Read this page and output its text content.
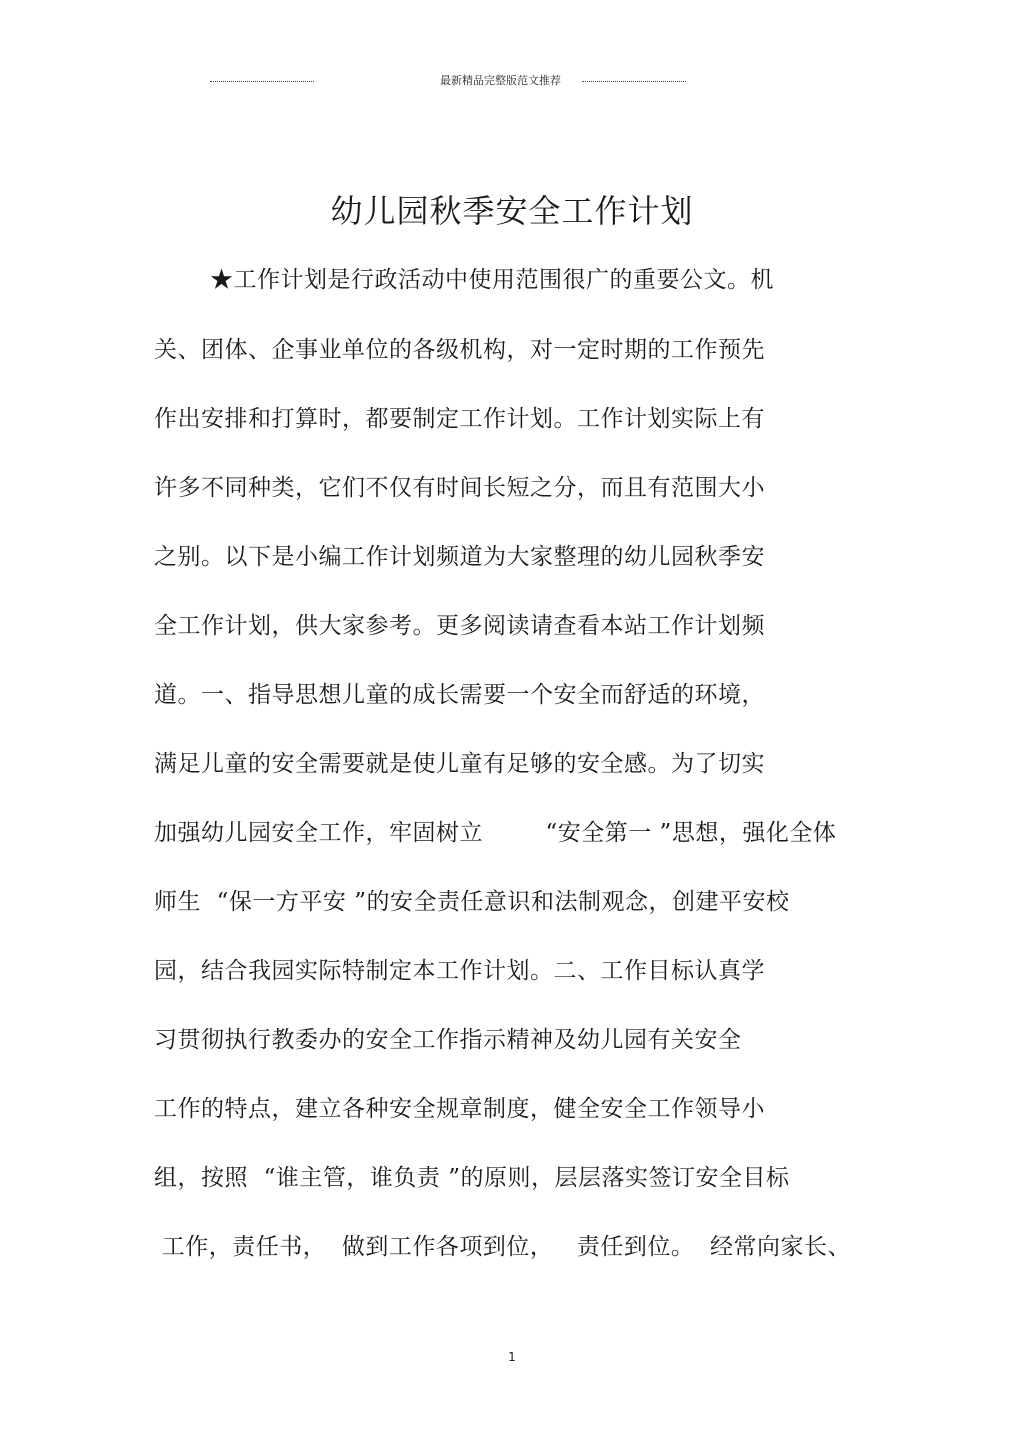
最新精品完整版范文推荐
幼儿园秋季安全工作计划
★工作计划是行政活动中使用范围很广的重要公文。机
关、团体、企事业单位的各级机构，对一定时期的工作预先
作出安排和打算时，都要制定工作计划。工作计划实际上有
许多不同种类，它们不仅有时间长短之分，而且有范围大小
之别。以下是小编工作计划频道为大家整理的幼儿园秋季安
全工作计划，供大家参考。更多阅读请查看本站工作计划频
道。一、指导思想儿童的成长需要一个安全而舒适的环境，
满足儿童的安全需要就是使儿童有足够的安全感。为了切实
加强幼儿园安全工作，牢固树立        “安全第一 ”思想，强化全体
师生  “保一方平安 ”的安全责任意识和法制观念，创建平安校
园，结合我园实际特制定本工作计划。二、工作目标认真学
习贯彻执行教委办的安全工作指示精神及幼儿园有关安全
工作的特点，建立各种安全规章制度，健全安全工作领导小
组，按照  “谁主管，谁负责 ”的原则，层层落实签订安全目标
工作，责任书，  做到工作各项到位，   责任到位。  经常向家长、
1
